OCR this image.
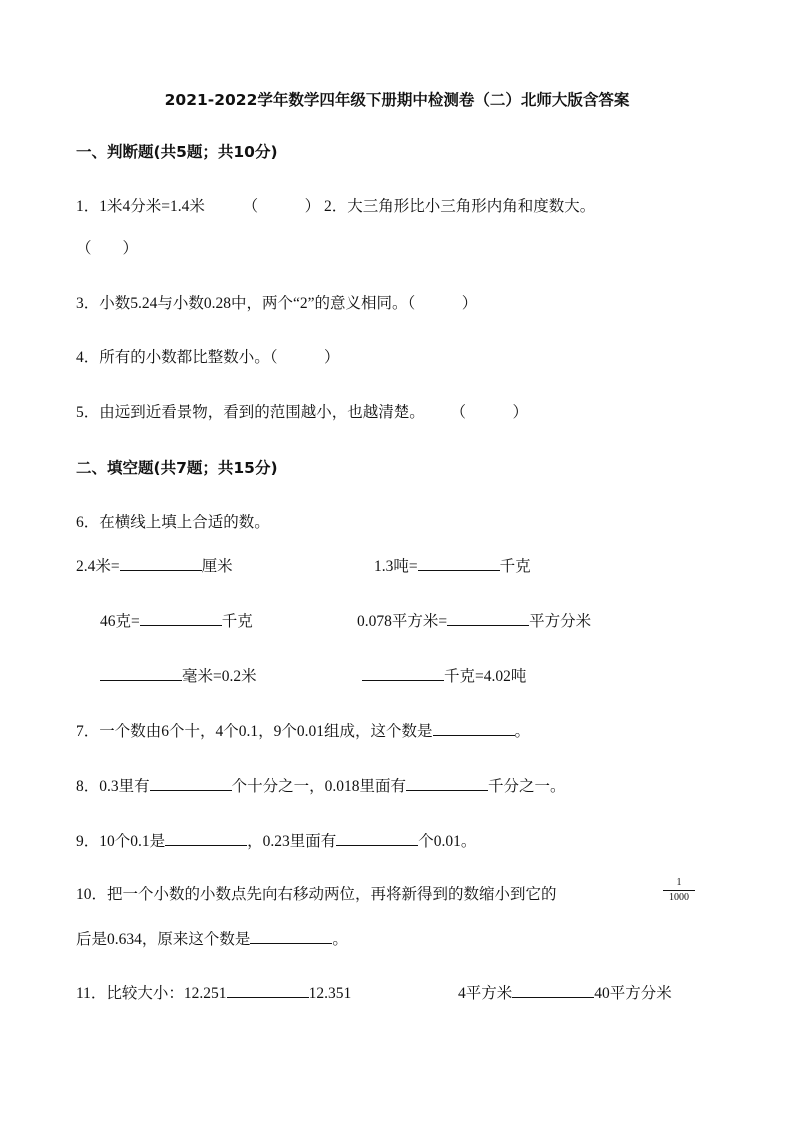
2021-2022学年数学四年级下册期中检测卷（二）北师大版含答案
一、判断题(共5题；共10分)
1．1米4分米=1.4米 （　　　） 2．大三角形比小三角形内角和度数大。
（　　）
3．小数5.24与小数0.28中，两个“2”的意义相同。（　　　）
4．所有的小数都比整数小。（　　　）
5．由远到近看景物，看到的范围越小，也越清楚。 （　　　）
二、填空题(共7题；共15分)
6．在横线上填上合适的数。
2.4米=	厘米	1.3吨=	千克
46克=	千克	0.078平方米=	平方分米
毫米=0.2米	千克=4.02吨
7．一个数由6个十，4个0.1，9个0.01组成，这个数是	。
8．0.3里有	个十分之一，0.018里面有	千分之一。
9．10个0.1是	，0.23里面有	个0.01。
10．把一个小数的小数点先向右移动两位，再将新得到的数缩小到它的
1
1000
后是0.634，原来这个数是	。
11．比较大小：12.251	12.351	4平方米	40平方分米
